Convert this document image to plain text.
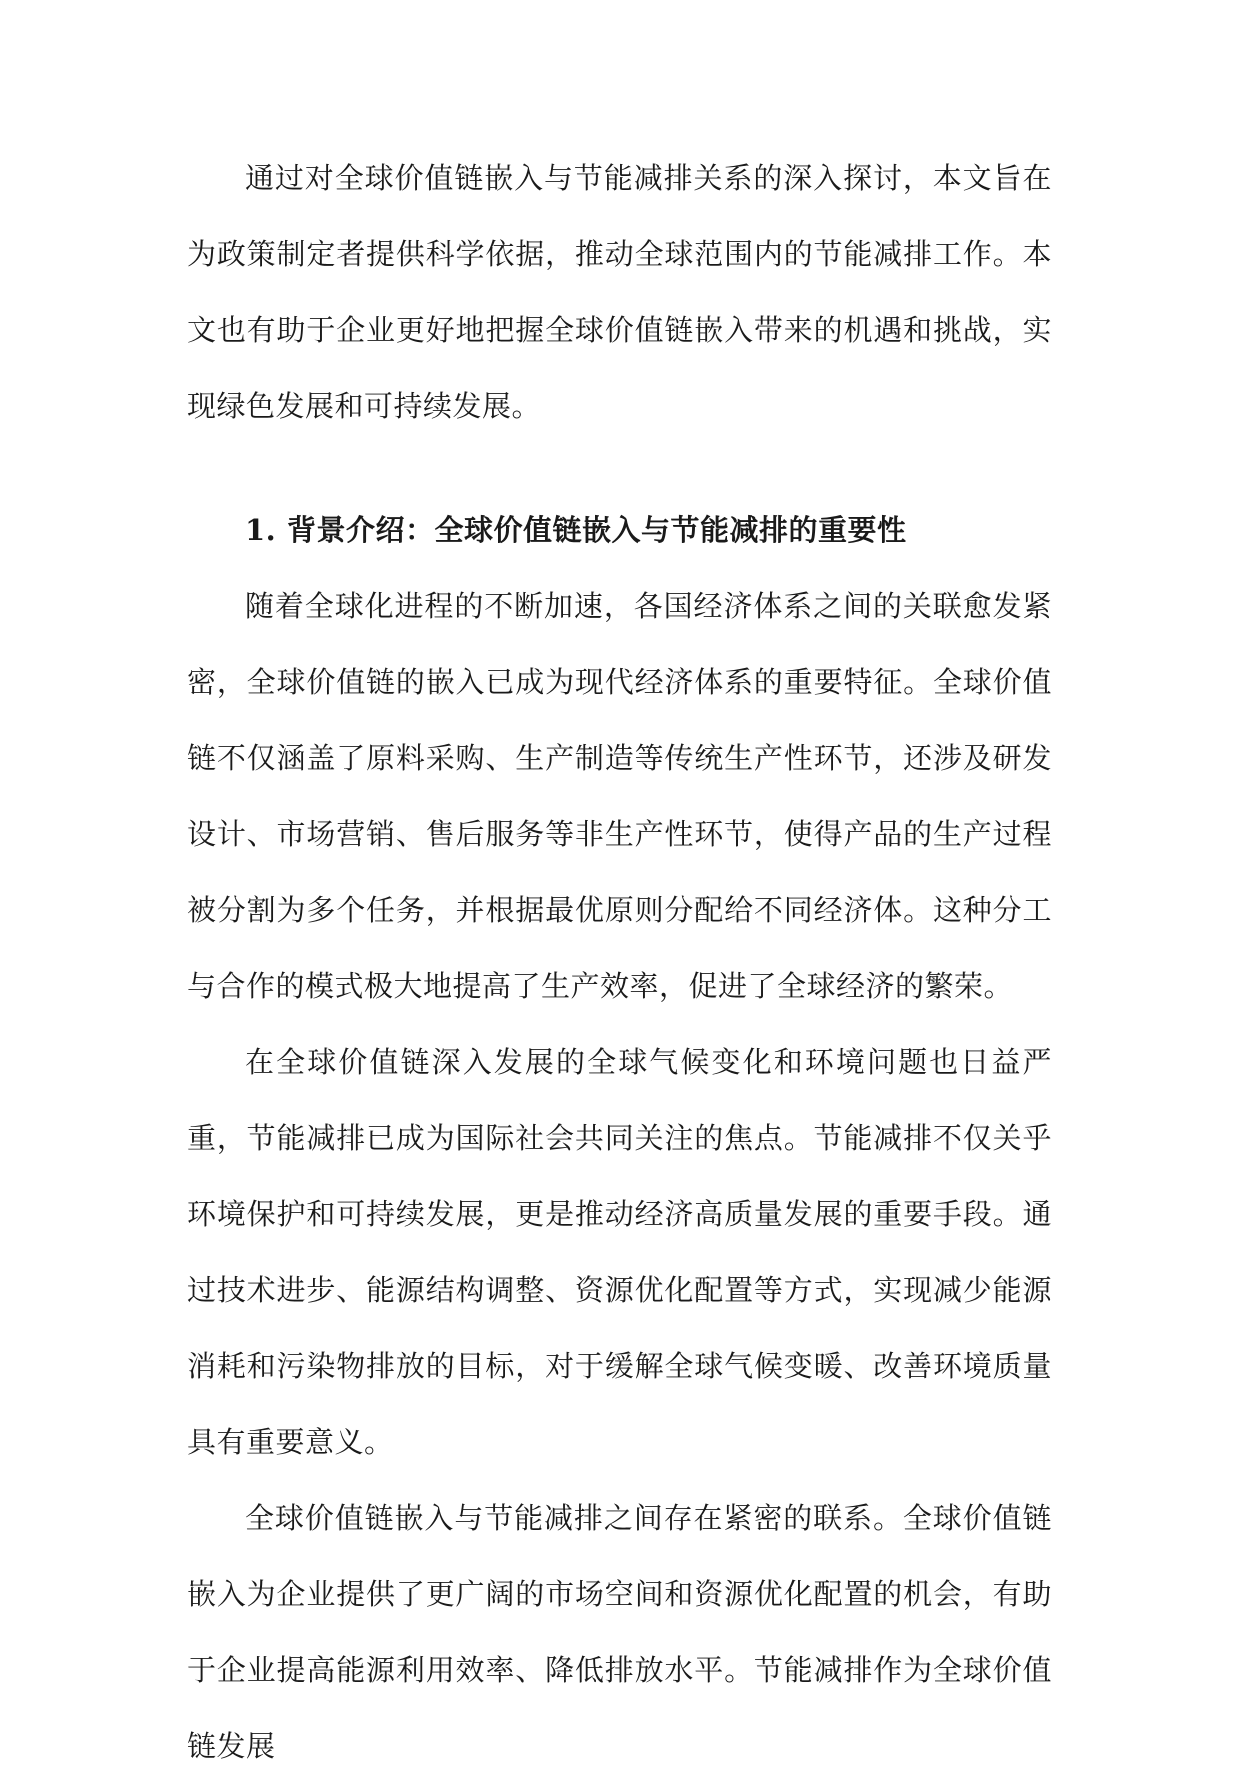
通过对全球价值链嵌入与节能减排关系的深入探讨，本文旨在为政策制定者提供科学依据，推动全球范围内的节能减排工作。本文也有助于企业更好地把握全球价值链嵌入带来的机遇和挑战，实现绿色发展和可持续发展。

1. 背景介绍：全球价值链嵌入与节能减排的重要性

随着全球化进程的不断加速，各国经济体系之间的关联愈发紧密，全球价值链的嵌入已成为现代经济体系的重要特征。全球价值链不仅涵盖了原料采购、生产制造等传统生产性环节，还涉及研发设计、市场营销、售后服务等非生产性环节，使得产品的生产过程被分割为多个任务，并根据最优原则分配给不同经济体。这种分工与合作的模式极大地提高了生产效率，促进了全球经济的繁荣。

在全球价值链深入发展的全球气候变化和环境问题也日益严重，节能减排已成为国际社会共同关注的焦点。节能减排不仅关乎环境保护和可持续发展，更是推动经济高质量发展的重要手段。通过技术进步、能源结构调整、资源优化配置等方式，实现减少能源消耗和污染物排放的目标，对于缓解全球气候变暖、改善环境质量具有重要意义。

全球价值链嵌入与节能减排之间存在紧密的联系。全球价值链嵌入为企业提供了更广阔的市场空间和资源优化配置的机会，有助于企业提高能源利用效率、降低排放水平。节能减排作为全球价值链发展
